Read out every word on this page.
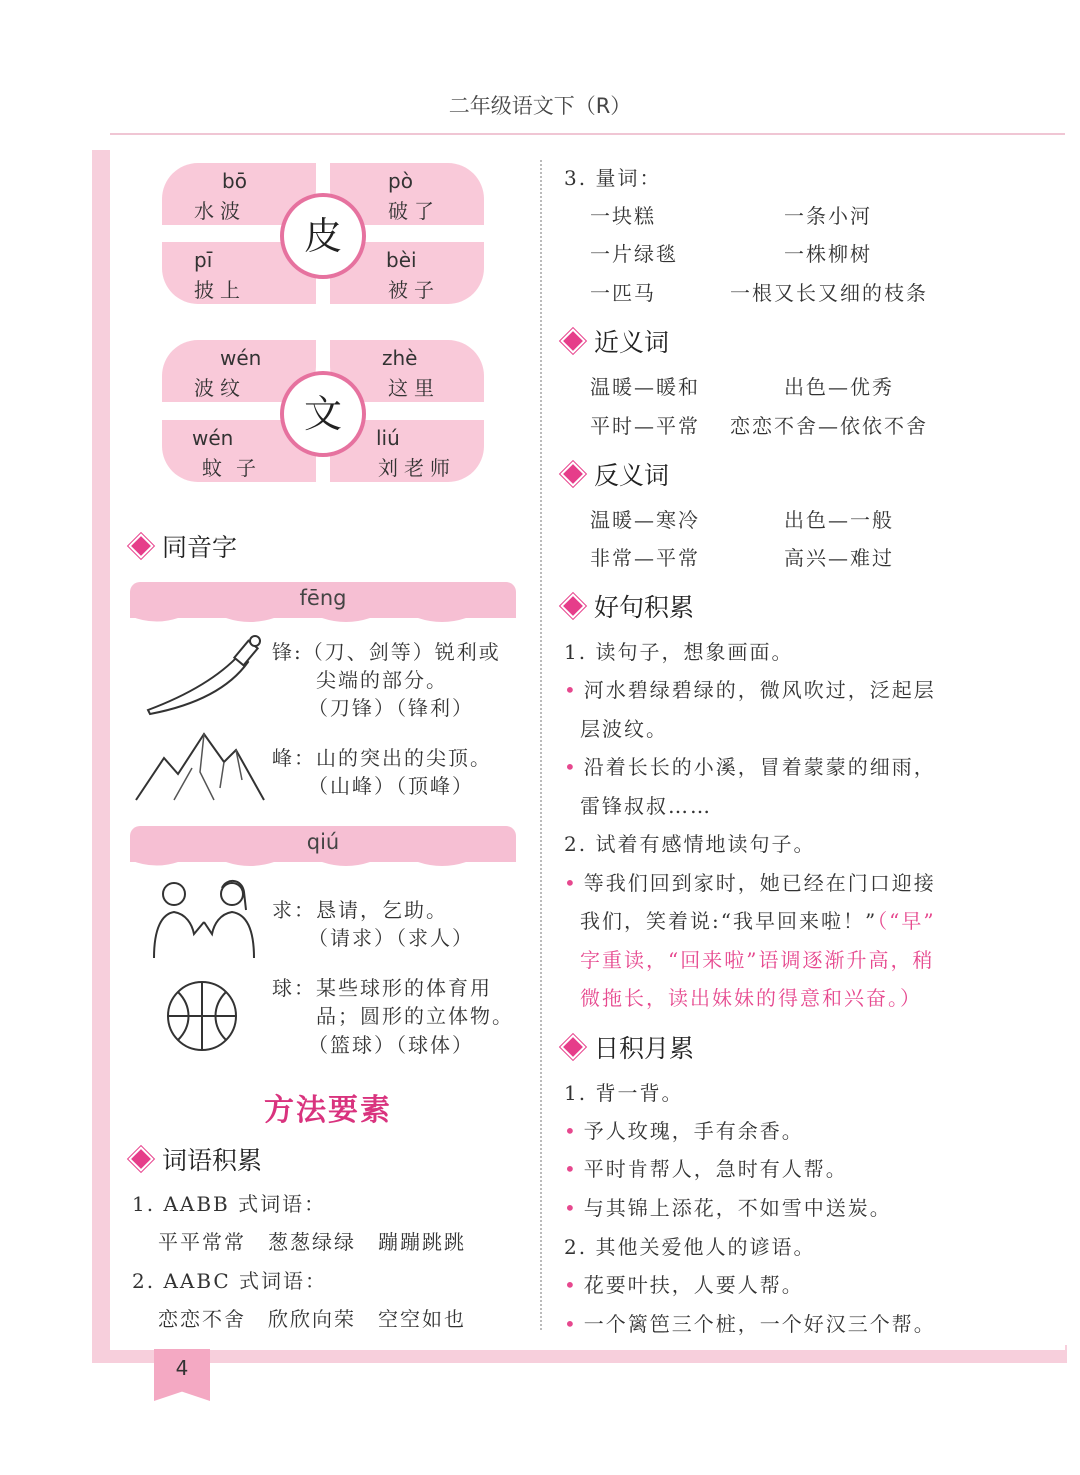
二年级语文下（R）
4
bō
水波
pò
破了
pī
披上
bèi
被子
皮
wén
波纹
zhè
这里
wén
蚊子
liú
刘老师
文
同音字
fēng
锋:（刀、剑等）锐利或
尖端的部分。
（刀锋）（锋利）
峰：山的突出的尖顶。
（山峰）（顶峰）
qiú
求：恳请，乞助。
（请求）（求人）
球：某些球形的体育用
品；圆形的立体物。
（篮球）（球体）
方法要素
词语积累
1. AABB 式词语：
平平常常　葱葱绿绿　蹦蹦跳跳
2. AABC 式词语：
恋恋不舍　欣欣向荣　空空如也
3. 量词：
一块糕	一条小河
一片绿毯	一株柳树
一匹马	一根又长又细的枝条
近义词
温暖—暖和	出色—优秀
平时—平常 恋恋不舍—依依不舍
反义词
温暖—寒冷	出色—一般
非常—平常	高兴—难过
好句积累
1. 读句子，想象画面。
• 河水碧绿碧绿的，微风吹过，泛起层
层波纹。
• 沿着长长的小溪，冒着蒙蒙的细雨，
雷锋叔叔……
2. 试着有感情地读句子。
• 等我们回到家时，她已经在门口迎接
我们，笑着说:“我早回来啦！”（“早”
字重读，“回来啦”语调逐渐升高，稍
微拖长，读出妹妹的得意和兴奋。）
日积月累
1. 背一背。
• 予人玫瑰，手有余香。
• 平时肯帮人，急时有人帮。
• 与其锦上添花，不如雪中送炭。
2. 其他关爱他人的谚语。
• 花要叶扶，人要人帮。
• 一个篱笆三个桩，一个好汉三个帮。
